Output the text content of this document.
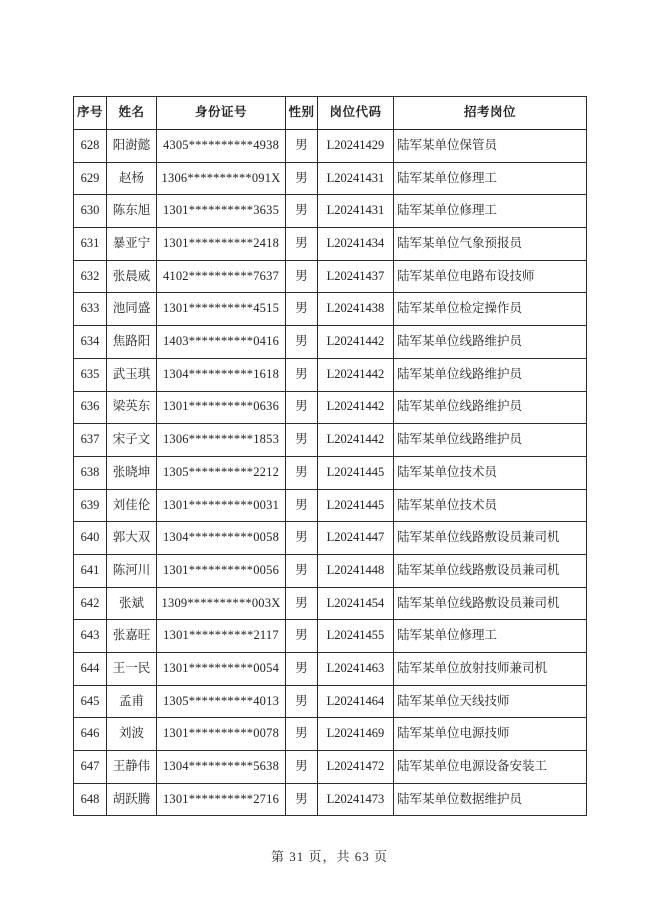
序号	姓名	身份证号	性别	岗位代码	招考岗位
628	阳澍懿	4305**********4938	男	L20241429	陆军某单位保管员
629	赵杨	1306**********091X	男	L20241431	陆军某单位修理工
630	陈东旭	1301**********3635	男	L20241431	陆军某单位修理工
631	暴亚宁	1301**********2418	男	L20241434	陆军某单位气象预报员
632	张晨威	4102**********7637	男	L20241437	陆军某单位电路布设技师
633	池同盛	1301**********4515	男	L20241438	陆军某单位检定操作员
634	焦路阳	1403**********0416	男	L20241442	陆军某单位线路维护员
635	武玉琪	1304**********1618	男	L20241442	陆军某单位线路维护员
636	梁英东	1301**********0636	男	L20241442	陆军某单位线路维护员
637	宋子文	1306**********1853	男	L20241442	陆军某单位线路维护员
638	张晓坤	1305**********2212	男	L20241445	陆军某单位技术员
639	刘佳伦	1301**********0031	男	L20241445	陆军某单位技术员
640	郭大双	1304**********0058	男	L20241447	陆军某单位线路敷设员兼司机
641	陈河川	1301**********0056	男	L20241448	陆军某单位线路敷设员兼司机
642	张斌	1309**********003X	男	L20241454	陆军某单位线路敷设员兼司机
643	张嘉旺	1301**********2117	男	L20241455	陆军某单位修理工
644	王一民	1301**********0054	男	L20241463	陆军某单位放射技师兼司机
645	孟甫	1305**********4013	男	L20241464	陆军某单位天线技师
646	刘波	1301**********0078	男	L20241469	陆军某单位电源技师
647	王静伟	1304**********5638	男	L20241472	陆军某单位电源设备安装工
648	胡跃腾	1301**********2716	男	L20241473	陆军某单位数据维护员
第 31 页，共 63 页
